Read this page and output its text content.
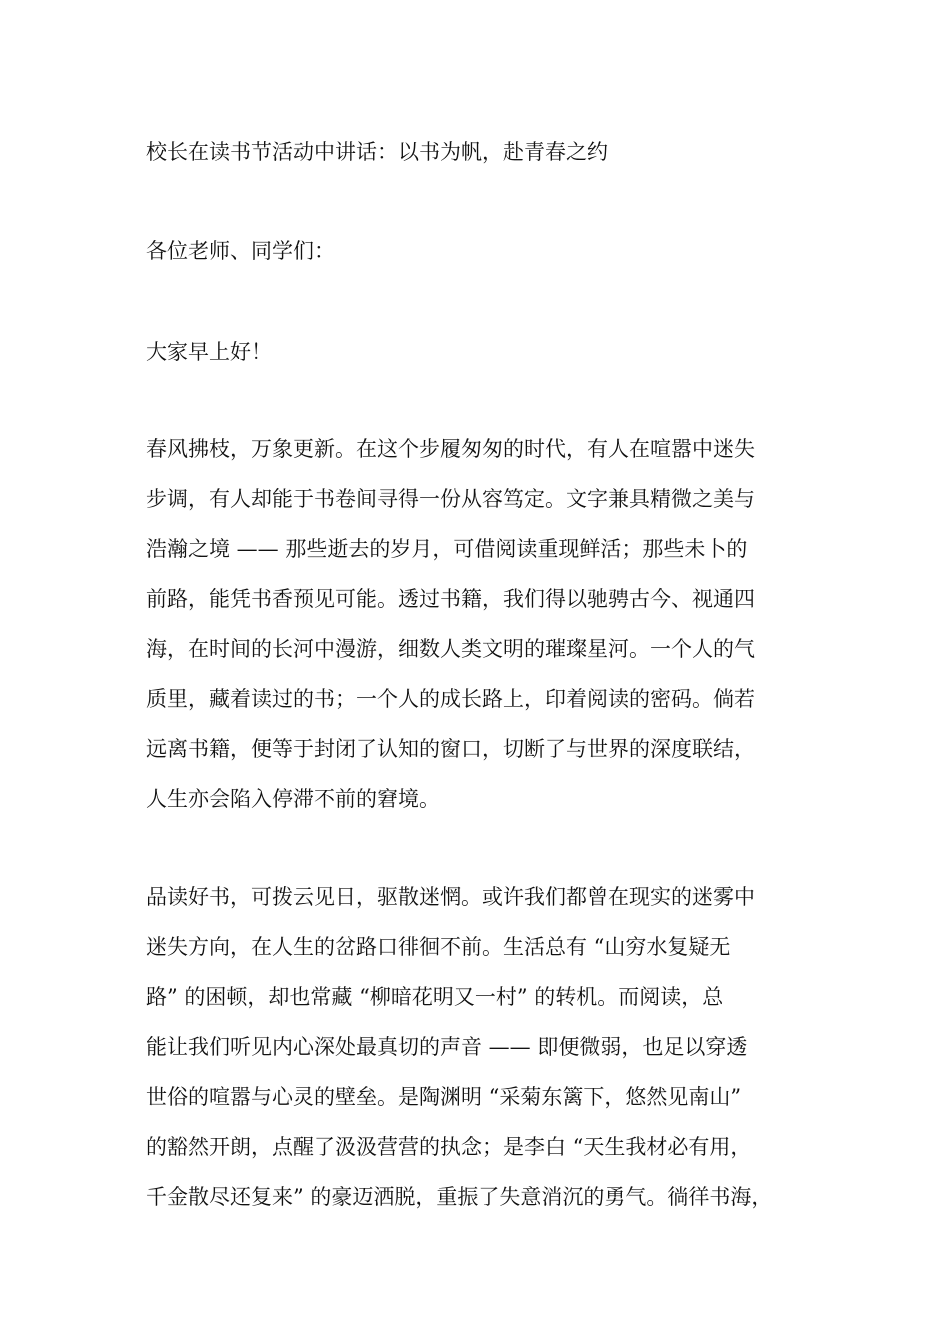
校长在读书节活动中讲话：以书为帆，赴青春之约

各位老师、同学们：

大家早上好！

春风拂枝，万象更新。在这个步履匆匆的时代，有人在喧嚣中迷失
步调，有人却能于书卷间寻得一份从容笃定。文字兼具精微之美与
浩瀚之境 —— 那些逝去的岁月，可借阅读重现鲜活；那些未卜的
前路，能凭书香预见可能。透过书籍，我们得以驰骋古今、视通四
海，在时间的长河中漫游，细数人类文明的璀璨星河。一个人的气
质里，藏着读过的书；一个人的成长路上，印着阅读的密码。倘若
远离书籍，便等于封闭了认知的窗口，切断了与世界的深度联结，
人生亦会陷入停滞不前的窘境。

品读好书，可拨云见日，驱散迷惘。或许我们都曾在现实的迷雾中
迷失方向，在人生的岔路口徘徊不前。生活总有 “山穷水复疑无
路” 的困顿，却也常藏 “柳暗花明又一村” 的转机。而阅读，总
能让我们听见内心深处最真切的声音 —— 即便微弱，也足以穿透
世俗的喧嚣与心灵的壁垒。是陶渊明 “采菊东篱下，悠然见南山”
的豁然开朗，点醒了汲汲营营的执念；是李白 “天生我材必有用，
千金散尽还复来” 的豪迈洒脱，重振了失意消沉的勇气。徜徉书海，
